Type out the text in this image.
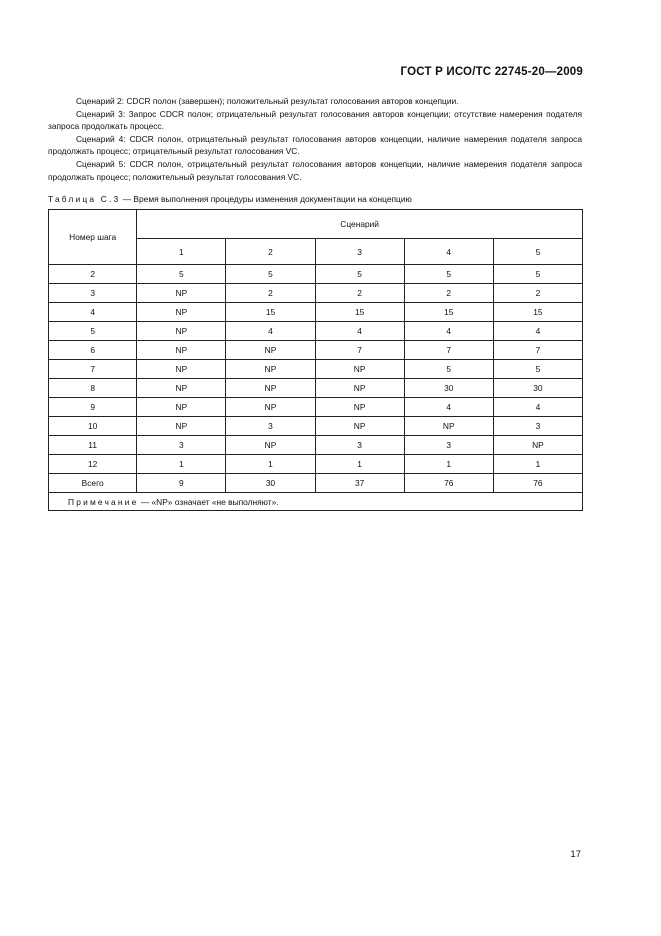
ГОСТ Р ИСО/ТС 22745-20—2009

Сценарий 2: CDCR полон (завершен); положительный результат голосования авторов концепции.

Сценарий 3: Запрос CDCR полон; отрицательный результат голосования авторов концепции; отсутствие намерения подателя запроса продолжать процесс.

Сценарий 4: CDCR полон, отрицательный результат голосования авторов концепции, наличие намерения подателя запроса продолжать процесс; отрицательный результат голосования VC.

Сценарий 5: CDCR полон, отрицательный результат голосования авторов концепции, наличие намерения подателя запроса продолжать процесс; положительный результат голосования VC.

Таблица С.3 — Время выполнения процедуры изменения документации на концепцию
Номер шага	Сценарий				
	1	2	3	4	5
2	5	5	5	5	5
3	NP	2	2	2	2
4	NP	15	15	15	15
5	NP	4	4	4	4
6	NP	NP	7	7	7
7	NP	NP	NP	5	5
8	NP	NP	NP	30	30
9	NP	NP	NP	4	4
10	NP	3	NP	NP	3
11	3	NP	3	3	NP
12	1	1	1	1	1
Всего	9	30	37	76	76
Примечание — «NP» означает «не выполняют».					
17
